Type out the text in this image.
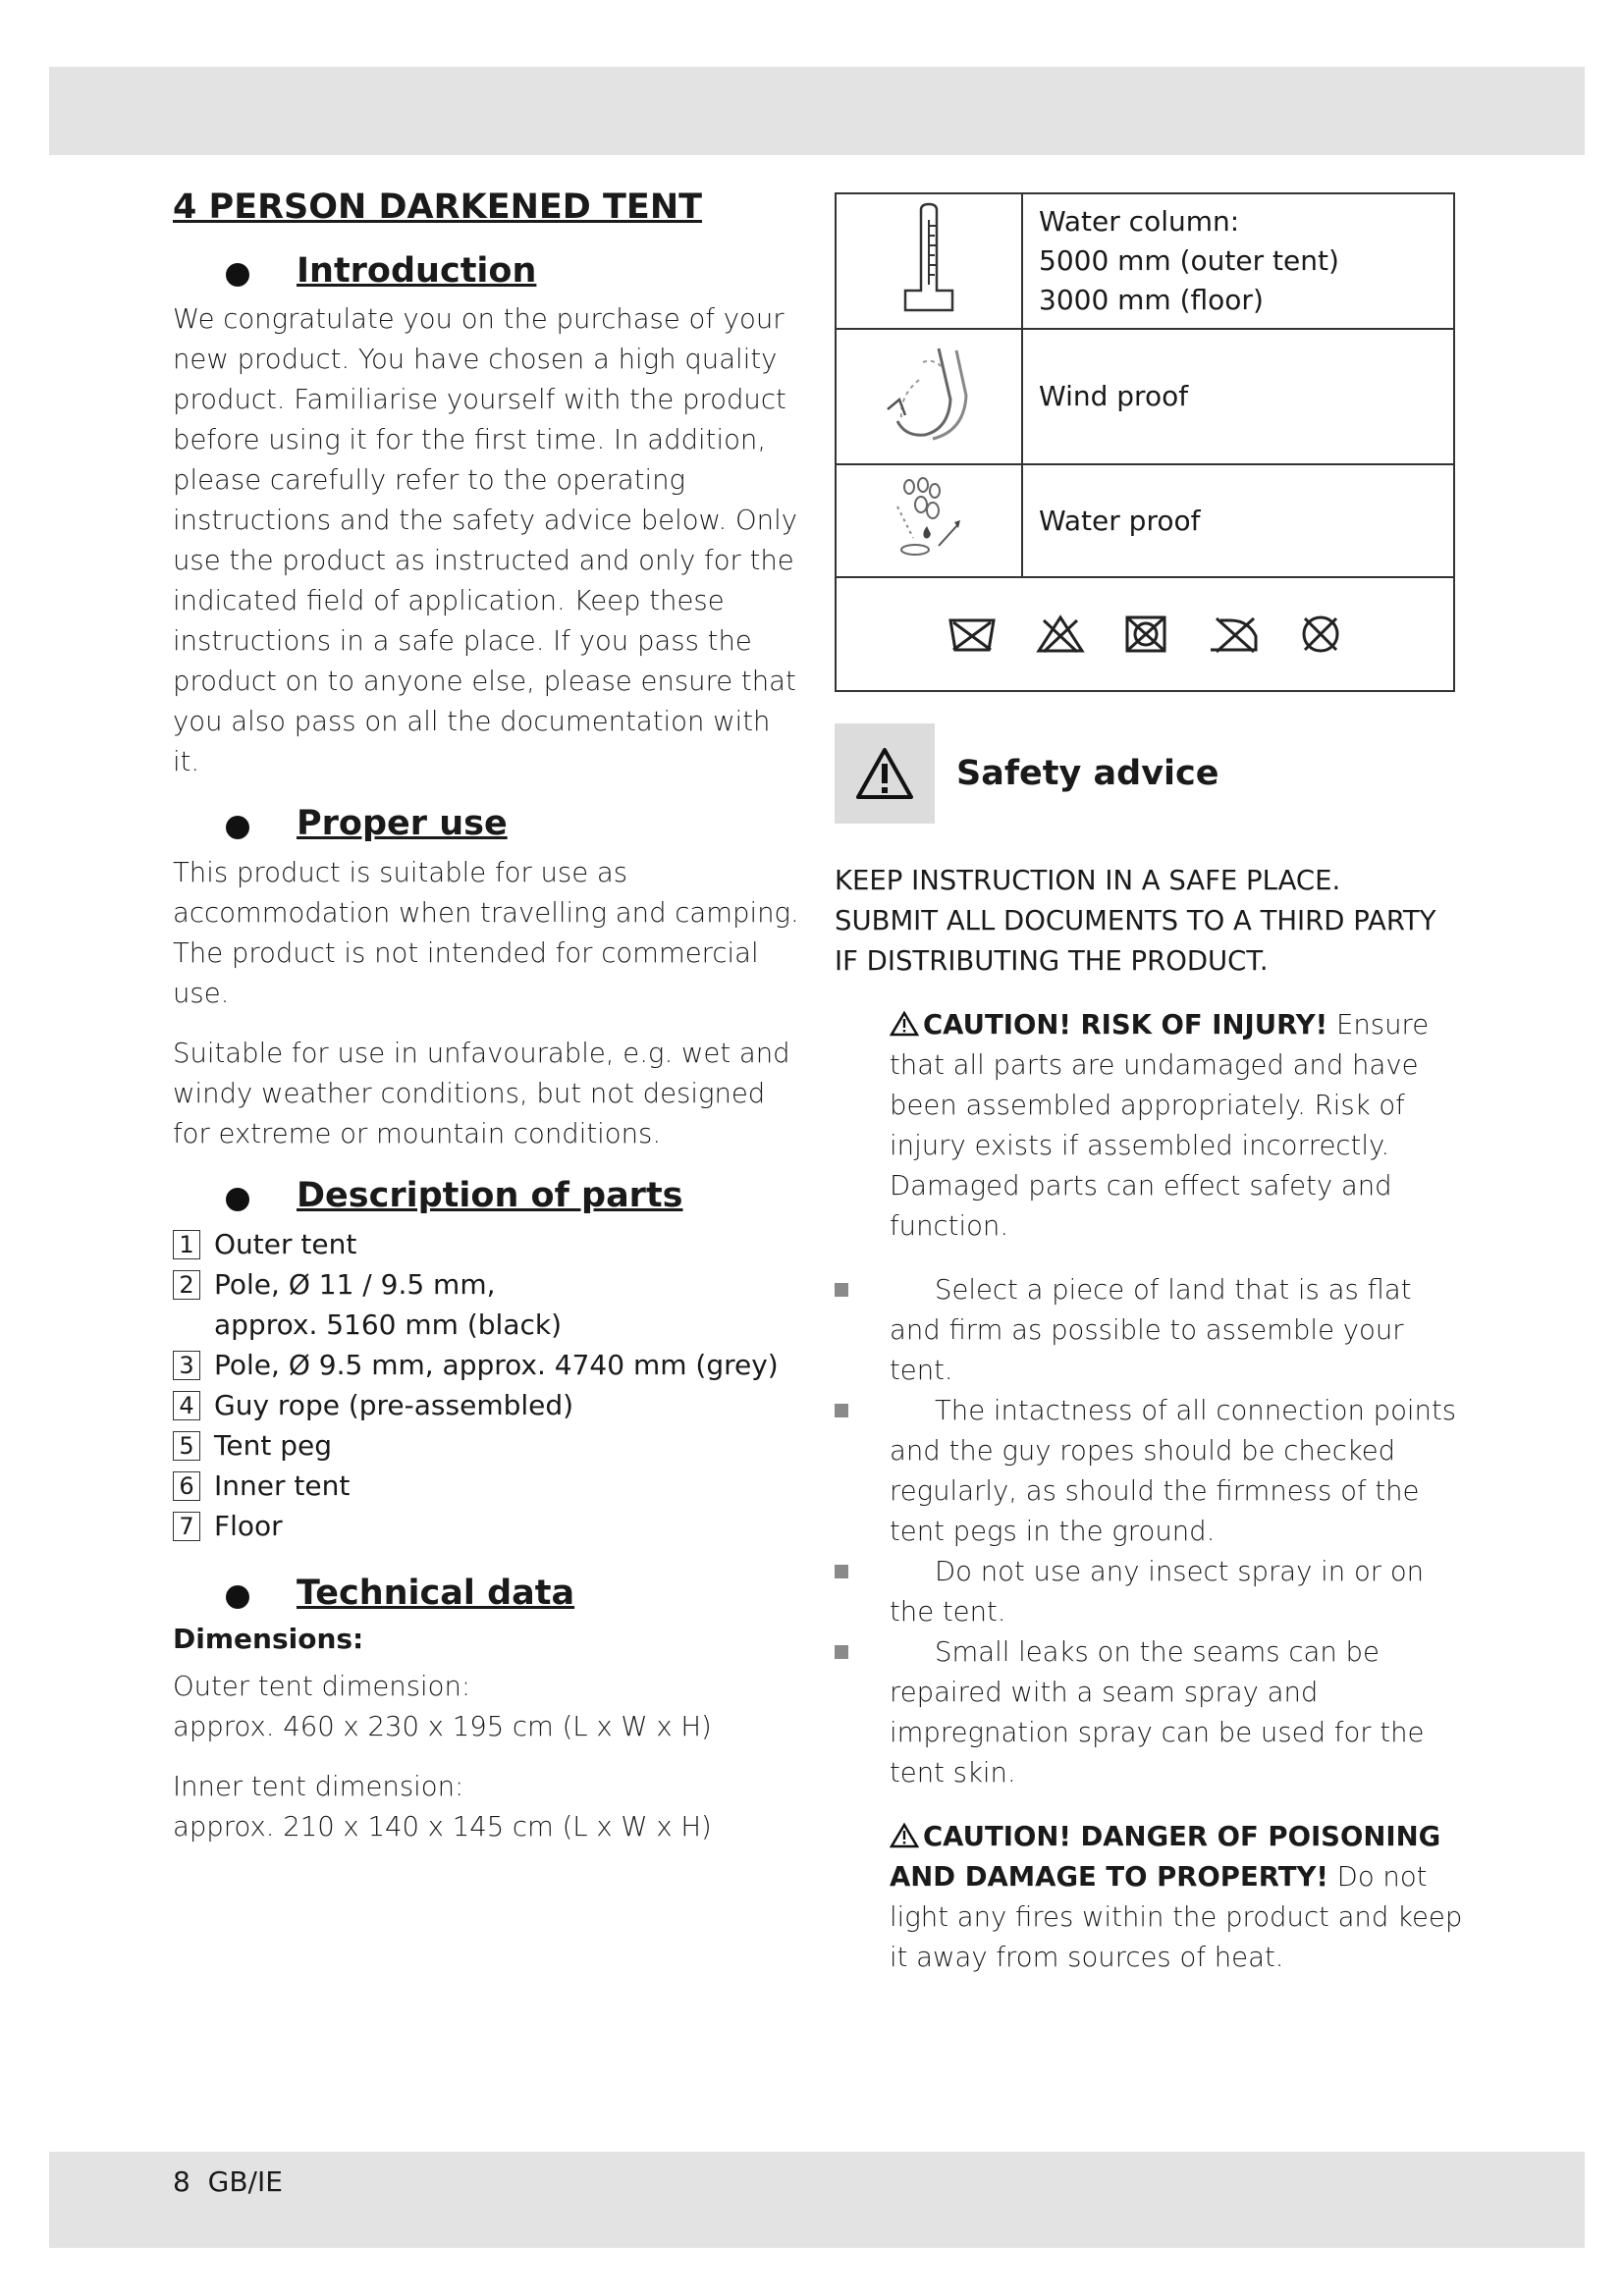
4 PERSON DARKENED TENT
Introduction

We congratulate you on the purchase of your new product. You have chosen a high quality product. Familiarise yourself with the product before using it for the first time. In addition, please carefully refer to the operating instructions and the safety advice below. Only use the product as instructed and only for the indicated field of application. Keep these instructions in a safe place. If you pass the product on to anyone else, please ensure that you also pass on all the documentation with it.

Proper use

This product is suitable for use as accommodation when travelling and camping. The product is not intended for commercial use.

Suitable for use in unfavourable, e.g. wet and windy weather conditions, but not designed for extreme or mountain conditions.

Description of parts
1 Outer tent
2 Pole, Ø 11 / 9.5 mm,
approx. 5160 mm (black)
3 Pole, Ø 9.5 mm, approx. 4740 mm (grey)
4 Guy rope (pre-assembled)
5 Tent peg
6 Inner tent
7 Floor
Technical data
Dimensions:

Outer tent dimension:
approx. 460 x 230 x 195 cm (L x W x H)

Inner tent dimension:
approx. 210 x 140 x 145 cm (L x W x H)

Water column:
5000 mm (outer tent)
3000 mm (floor)

	Wind proof
	Water proof

Safety advice
KEEP INSTRUCTION IN A SAFE PLACE.
SUBMIT ALL DOCUMENTS TO A THIRD PARTY
IF DISTRIBUTING THE PRODUCT.
CAUTION! RISK OF INJURY! Ensure that all parts are undamaged and have been assembled appropriately. Risk of injury exists if assembled incorrectly. Damaged parts can effect safety and function.
Select a piece of land that is as flat and firm as possible to assemble your tent.
The intactness of all connection points and the guy ropes should be checked regularly, as should the firmness of the tent pegs in the ground.
Do not use any insect spray in or on the tent.
Small leaks on the seams can be repaired with a seam spray and impregnation spray can be used for the tent skin.
CAUTION! DANGER OF POISONING AND DAMAGE TO PROPERTY! Do not light any fires within the product and keep it away from sources of heat.
8 GB/IE
